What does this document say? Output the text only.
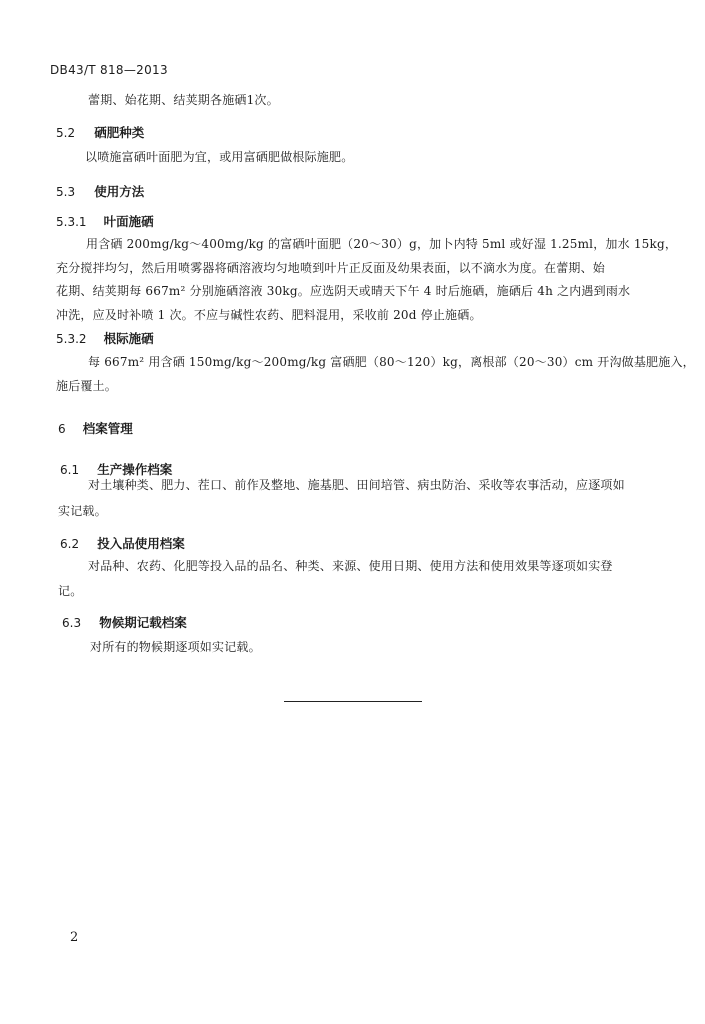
DB43/T 818—2013
蕾期、始花期、结荚期各施硒1次。
5.2 硒肥种类
以喷施富硒叶面肥为宜，或用富硒肥做根际施肥。
5.3 使用方法
5.3.1 叶面施硒
用含硒 200mg/kg～400mg/kg 的富硒叶面肥（20～30）g，加卜内特 5ml 或好湿 1.25ml，加水 15kg，
充分搅拌均匀，然后用喷雾器将硒溶液均匀地喷到叶片正反面及幼果表面，以不滴水为度。在蕾期、始
花期、结荚期每 667m² 分别施硒溶液 30kg。应选阴天或晴天下午 4 时后施硒，施硒后 4h 之内遇到雨水
冲洗，应及时补喷 1 次。不应与碱性农药、肥料混用，采收前 20d 停止施硒。
5.3.2 根际施硒
每 667m² 用含硒 150mg/kg～200mg/kg 富硒肥（80～120）kg，离根部（20～30）cm 开沟做基肥施入，
施后覆土。
6 档案管理
6.1 生产操作档案
对土壤种类、肥力、茬口、前作及整地、施基肥、田间培管、病虫防治、采收等农事活动，应逐项如
实记载。
6.2 投入品使用档案
对品种、农药、化肥等投入品的品名、种类、来源、使用日期、使用方法和使用效果等逐项如实登
记。
6.3 物候期记载档案
对所有的物候期逐项如实记载。
2
